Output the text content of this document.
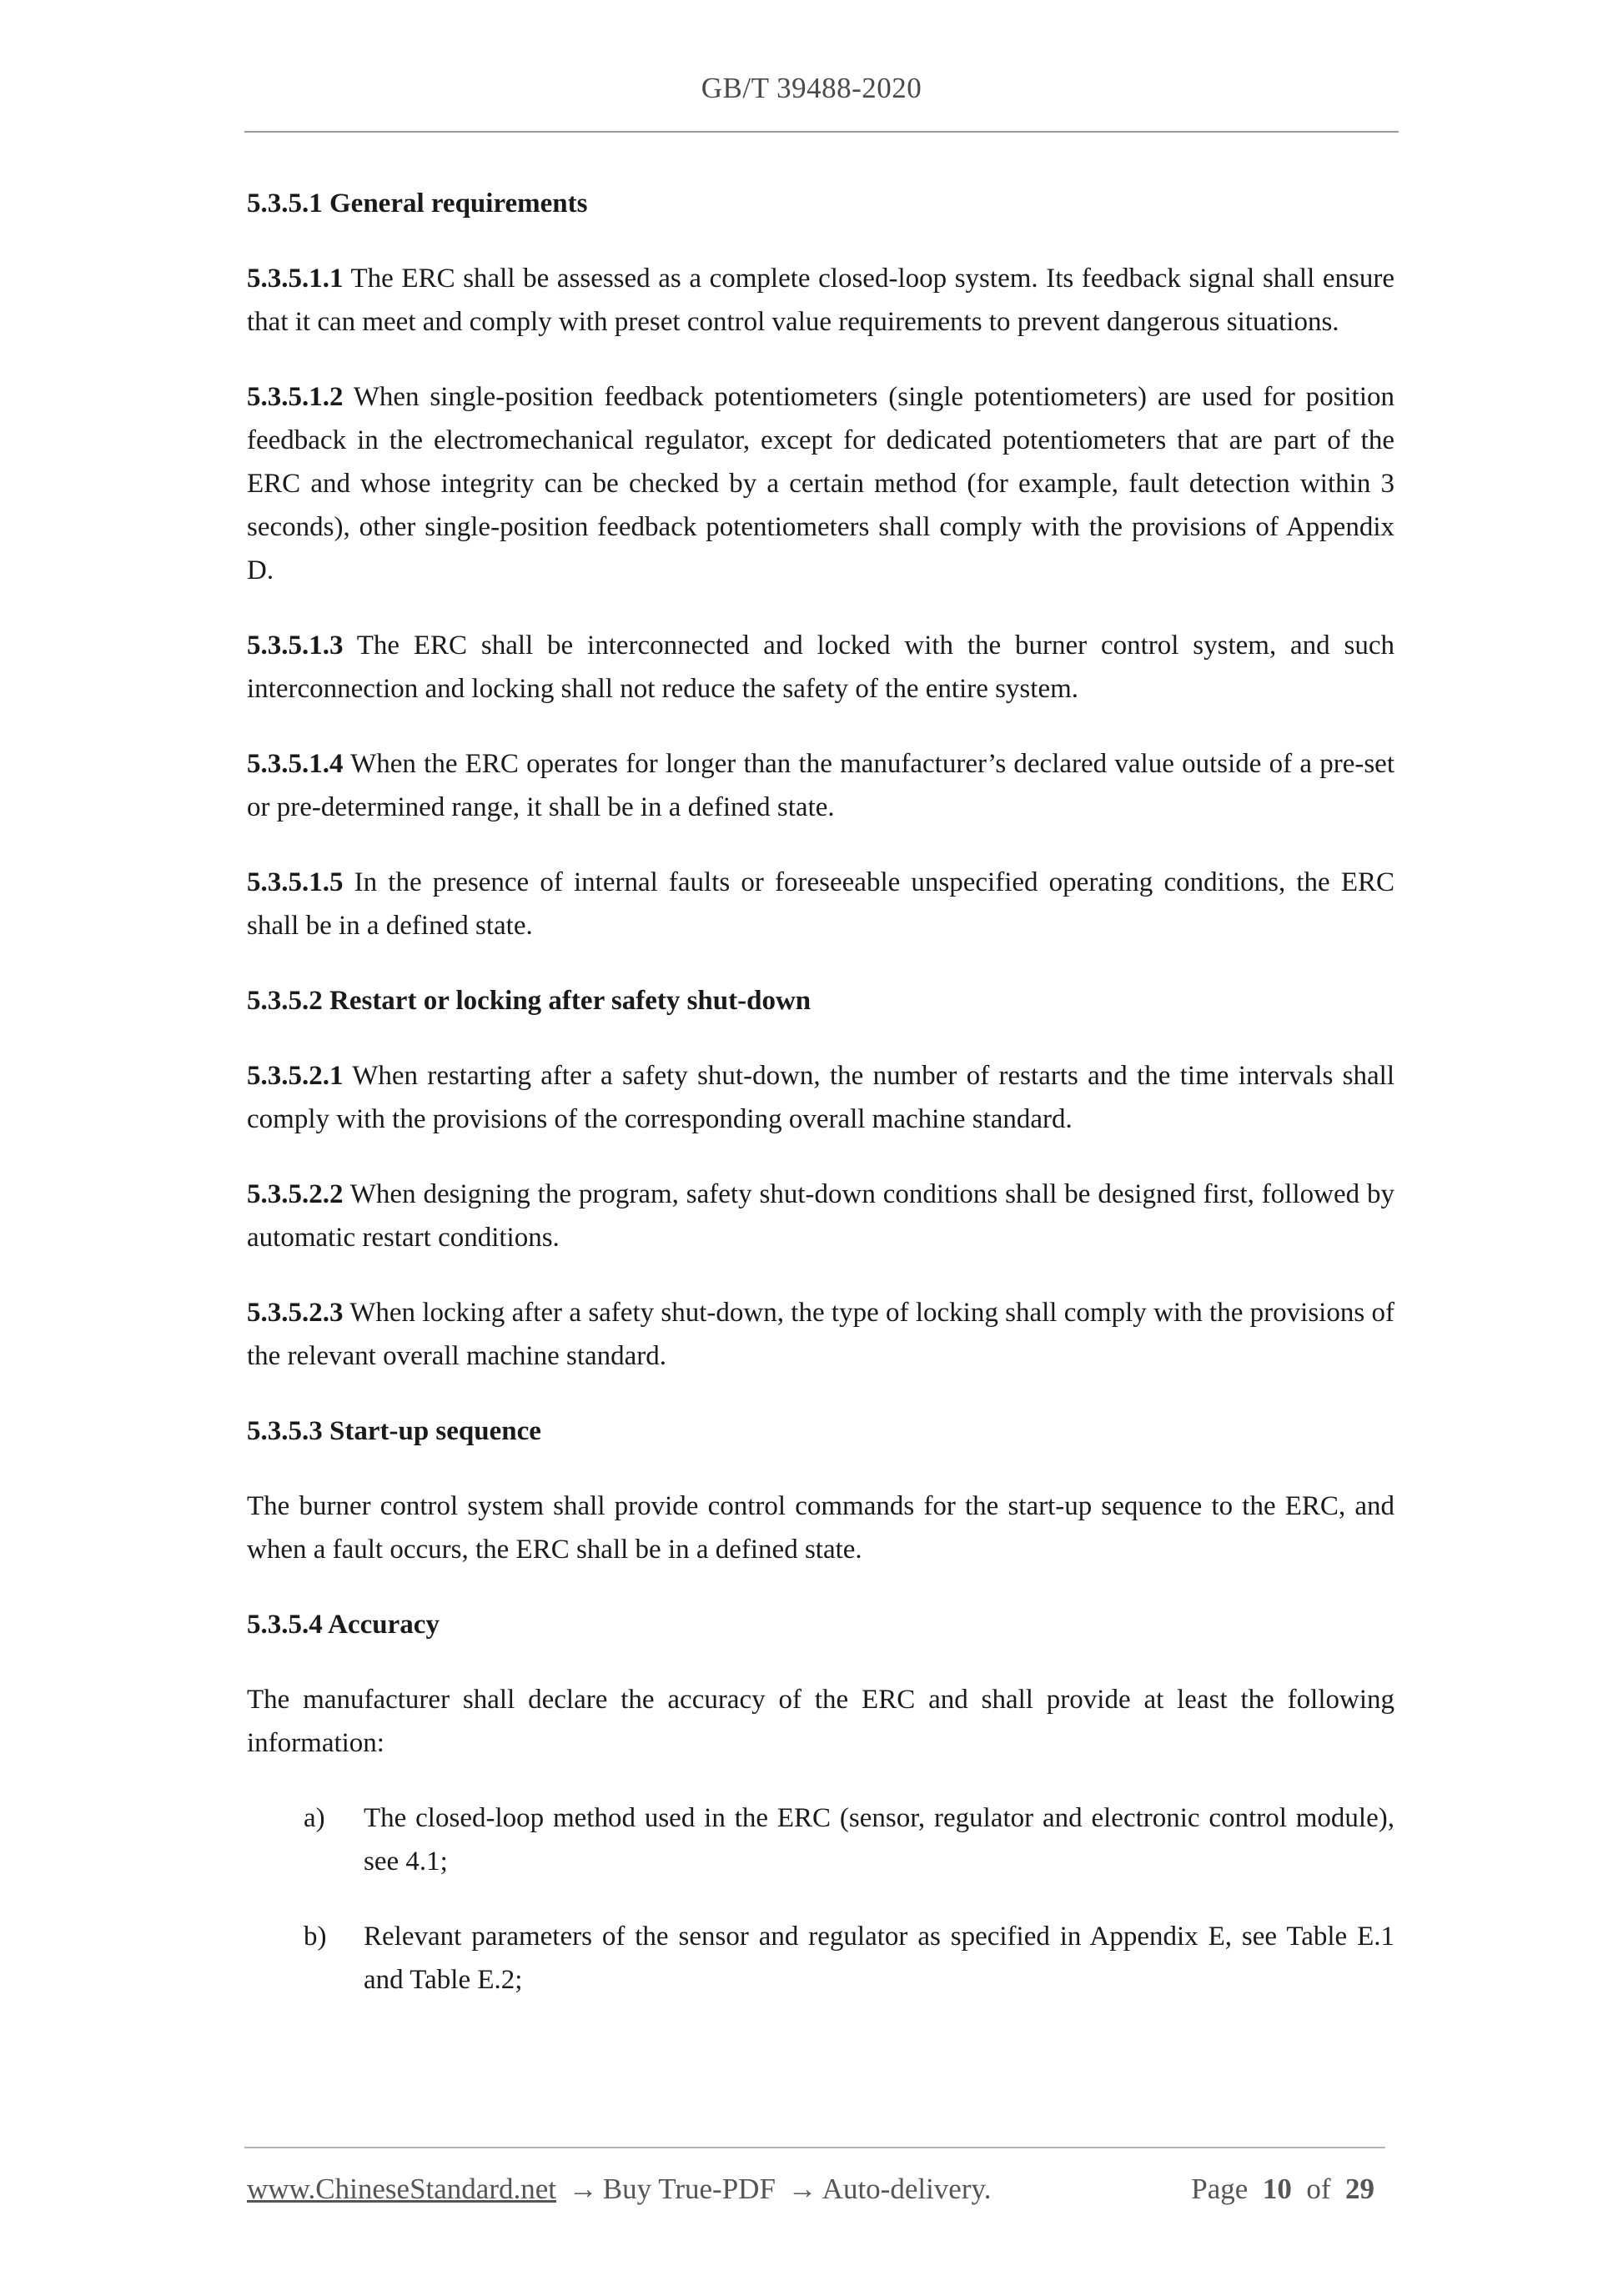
GB/T 39488-2020
5.3.5.1 General requirements
5.3.5.1.1 The ERC shall be assessed as a complete closed-loop system. Its feedback signal shall ensure that it can meet and comply with preset control value requirements to prevent dangerous situations.
5.3.5.1.2 When single-position feedback potentiometers (single potentiometers) are used for position feedback in the electromechanical regulator, except for dedicated potentiometers that are part of the ERC and whose integrity can be checked by a certain method (for example, fault detection within 3 seconds), other single-position feedback potentiometers shall comply with the provisions of Appendix D.
5.3.5.1.3 The ERC shall be interconnected and locked with the burner control system, and such interconnection and locking shall not reduce the safety of the entire system.
5.3.5.1.4 When the ERC operates for longer than the manufacturer’s declared value outside of a pre-set or pre-determined range, it shall be in a defined state.
5.3.5.1.5 In the presence of internal faults or foreseeable unspecified operating conditions, the ERC shall be in a defined state.
5.3.5.2 Restart or locking after safety shut-down
5.3.5.2.1 When restarting after a safety shut-down, the number of restarts and the time intervals shall comply with the provisions of the corresponding overall machine standard.
5.3.5.2.2 When designing the program, safety shut-down conditions shall be designed first, followed by automatic restart conditions.
5.3.5.2.3 When locking after a safety shut-down, the type of locking shall comply with the provisions of the relevant overall machine standard.
5.3.5.3 Start-up sequence
The burner control system shall provide control commands for the start-up sequence to the ERC, and when a fault occurs, the ERC shall be in a defined state.
5.3.5.4 Accuracy
The manufacturer shall declare the accuracy of the ERC and shall provide at least the following information:
a) The closed-loop method used in the ERC (sensor, regulator and electronic control module), see 4.1;
b) Relevant parameters of the sensor and regulator as specified in Appendix E, see Table E.1 and Table E.2;
www.ChineseStandard.net → Buy True-PDF → Auto-delivery.	Page 10 of 29
